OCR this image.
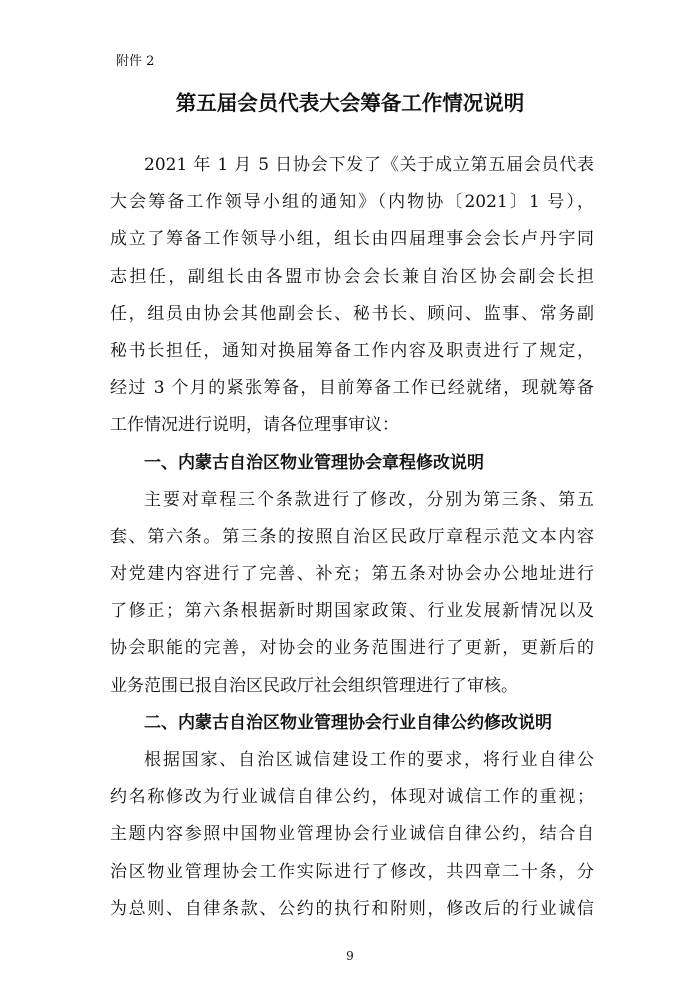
附件 2
第五届会员代表大会筹备工作情况说明
2021 年 1 月 5 日协会下发了《关于成立第五届会员代表
大会筹备工作领导小组的通知》（内物协〔2021〕1 号），
成立了筹备工作领导小组，组长由四届理事会会长卢丹宇同
志担任，副组长由各盟市协会会长兼自治区协会副会长担
任，组员由协会其他副会长、秘书长、顾问、监事、常务副
秘书长担任，通知对换届筹备工作内容及职责进行了规定，
经过 3 个月的紧张筹备，目前筹备工作已经就绪，现就筹备
工作情况进行说明，请各位理事审议：
一、内蒙古自治区物业管理协会章程修改说明
主要对章程三个条款进行了修改，分别为第三条、第五
套、第六条。第三条的按照自治区民政厅章程示范文本内容
对党建内容进行了完善、补充；第五条对协会办公地址进行
了修正；第六条根据新时期国家政策、行业发展新情况以及
协会职能的完善，对协会的业务范围进行了更新，更新后的
业务范围已报自治区民政厅社会组织管理进行了审核。
二、内蒙古自治区物业管理协会行业自律公约修改说明
根据国家、自治区诚信建设工作的要求，将行业自律公
约名称修改为行业诚信自律公约，体现对诚信工作的重视；
主题内容参照中国物业管理协会行业诚信自律公约，结合自
治区物业管理协会工作实际进行了修改，共四章二十条，分
为总则、自律条款、公约的执行和附则，修改后的行业诚信
9
